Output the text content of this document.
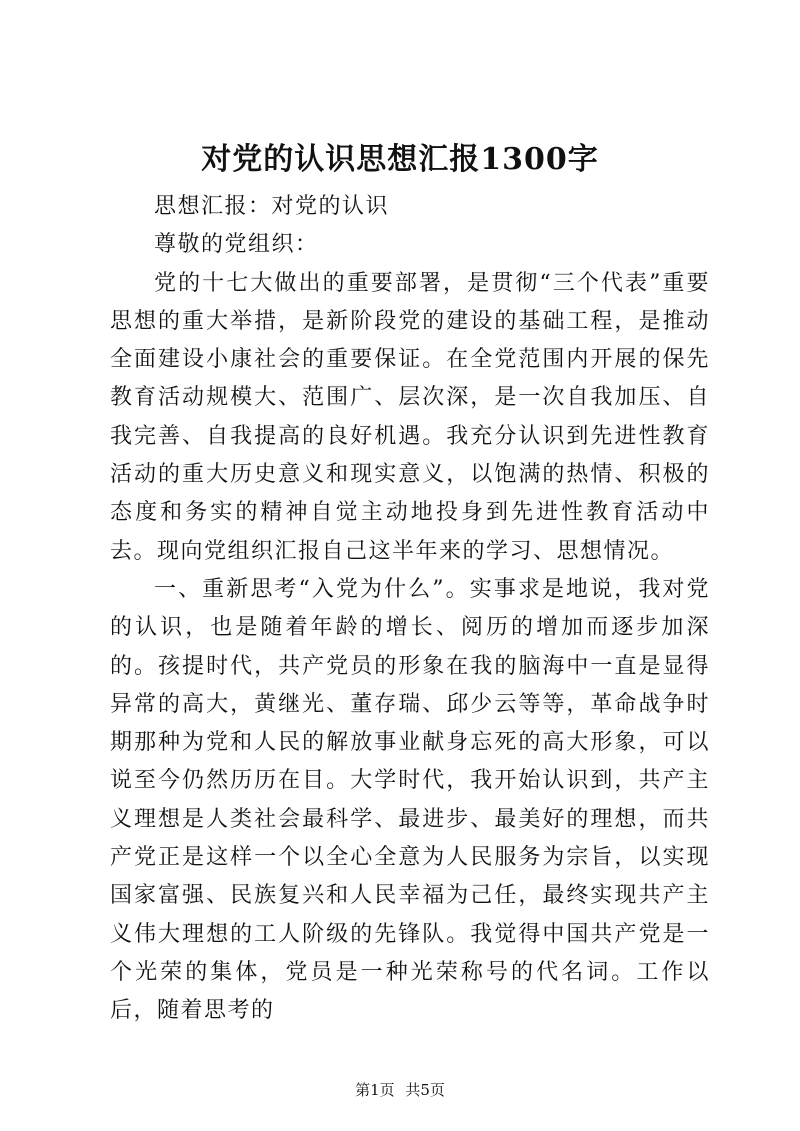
对党的认识思想汇报1300字

思想汇报：对党的认识

尊敬的党组织：

党的十七大做出的重要部署，是贯彻“三个代表”重要思想的重大举措，是新阶段党的建设的基础工程，是推动全面建设小康社会的重要保证。在全党范围内开展的保先教育活动规模大、范围广、层次深，是一次自我加压、自我完善、自我提高的良好机遇。我充分认识到先进性教育活动的重大历史意义和现实意义，以饱满的热情、积极的态度和务实的精神自觉主动地投身到先进性教育活动中去。现向党组织汇报自己这半年来的学习、思想情况。

一、重新思考“入党为什么”。实事求是地说，我对党的认识，也是随着年龄的增长、阅历的增加而逐步加深的。孩提时代，共产党员的形象在我的脑海中一直是显得异常的高大，黄继光、董存瑞、邱少云等等，革命战争时期那种为党和人民的解放事业献身忘死的高大形象，可以说至今仍然历历在目。大学时代，我开始认识到，共产主义理想是人类社会最科学、最进步、最美好的理想，而共产党正是这样一个以全心全意为人民服务为宗旨，以实现国家富强、民族复兴和人民幸福为己任，最终实现共产主义伟大理想的工人阶级的先锋队。我觉得中国共产党是一个光荣的集体，党员是一种光荣称号的代名词。工作以后，随着思考的

第1页 共5页
